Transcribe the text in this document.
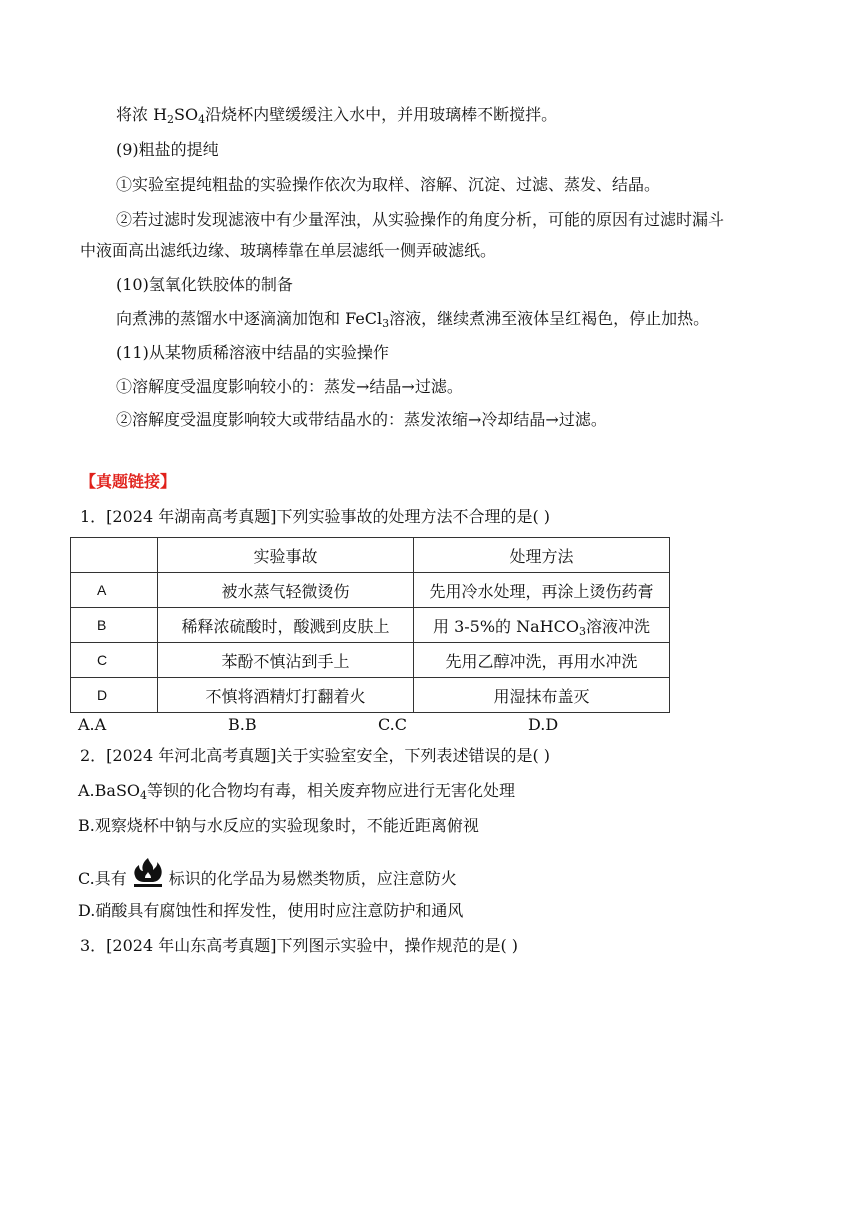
将浓 $H_2SO_4$沿烧杯内壁缓缓注入水中，并用玻璃棒不断搅拌。
(9)粗盐的提纯
①实验室提纯粗盐的实验操作依次为取样、溶解、沉淀、过滤、蒸发、结晶。
②若过滤时发现滤液中有少量浑浊，从实验操作的角度分析，可能的原因有过滤时漏斗
中液面高出滤纸边缘、玻璃棒靠在单层滤纸一侧弄破滤纸。
(10)氢氧化铁胶体的制备
向煮沸的蒸馏水中逐滴滴加饱和 FeCl$_3$溶液，继续煮沸至液体呈红褐色，停止加热。
(11)从某物质稀溶液中结晶的实验操作
①溶解度受温度影响较小的：蒸发→结晶→过滤。
②溶解度受温度影响较大或带结晶水的：蒸发浓缩→冷却结晶→过滤。
【真题链接】
1．[2024 年湖南高考真题]下列实验事故的处理方法不合理的是( )
	实验事故	处理方法
A	被水蒸气轻微烫伤	先用冷水处理，再涂上烫伤药膏
B	稀释浓硫酸时，酸溅到皮肤上	用 3-5%的 NaHCO$_3$溶液冲洗
C	苯酚不慎沾到手上	先用乙醇冲洗，再用水冲洗
D	不慎将酒精灯打翻着火	用湿抹布盖灭
A.A	B.B	C.C	D.D
2．[2024 年河北高考真题]关于实验室安全，下列表述错误的是( )
A.BaSO$_4$等钡的化合物均有毒，相关废弃物应进行无害化处理
B.观察烧杯中钠与水反应的实验现象时，不能近距离俯视
C.具有	标识的化学品为易燃类物质，应注意防火
D.硝酸具有腐蚀性和挥发性，使用时应注意防护和通风
3．[2024 年山东高考真题]下列图示实验中，操作规范的是( )
